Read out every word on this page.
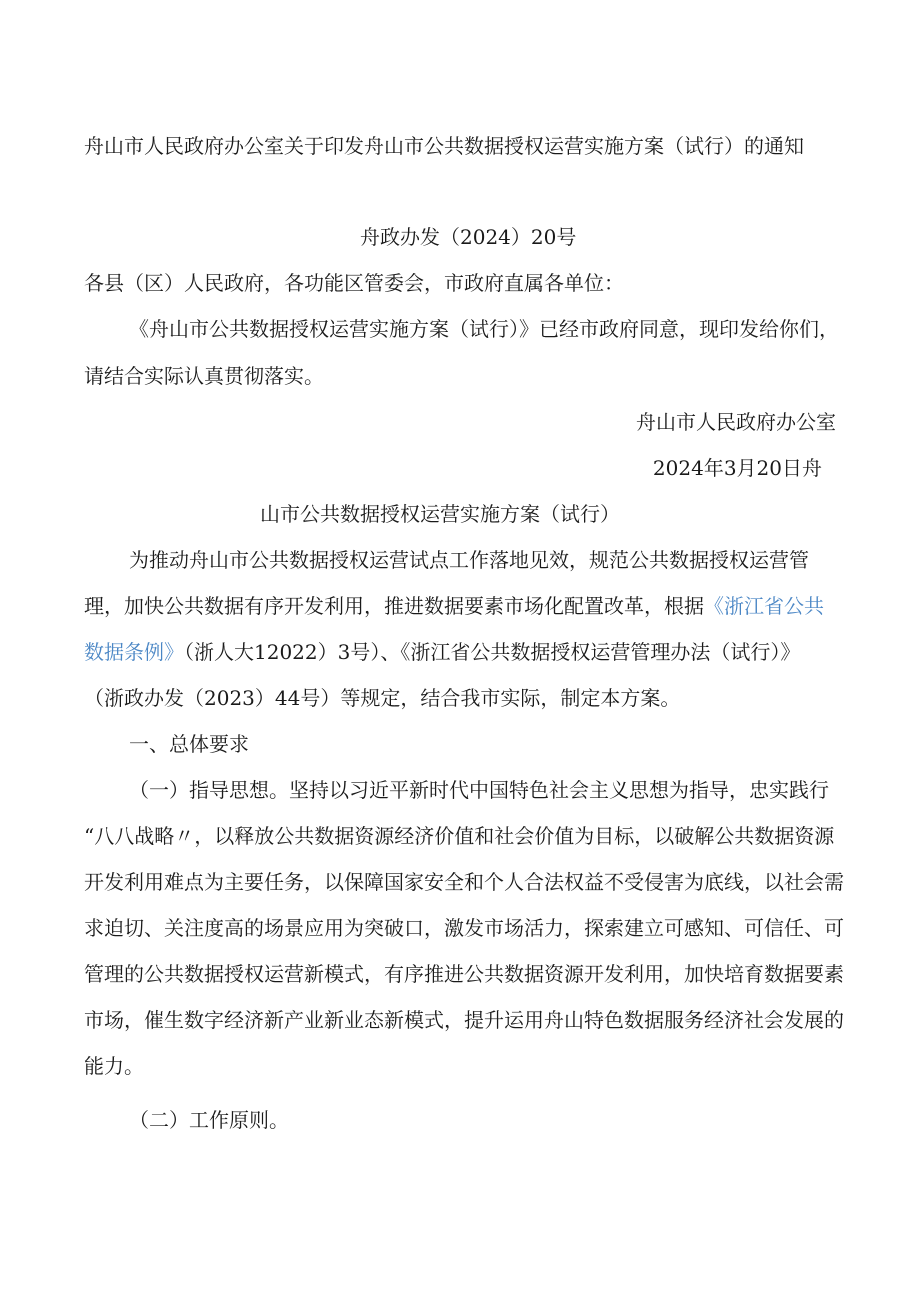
舟山市人民政府办公室关于印发舟山市公共数据授权运营实施方案（试行）的通知
舟政办发（2024）20号
各县（区）人民政府，各功能区管委会，市政府直属各单位：
《舟山市公共数据授权运营实施方案（试行）》已经市政府同意，现印发给你们，
请结合实际认真贯彻落实。
舟山市人民政府办公室
2024年3月20日舟
山市公共数据授权运营实施方案（试行）
为推动舟山市公共数据授权运营试点工作落地见效，规范公共数据授权运营管
理，加快公共数据有序开发利用，推进数据要素市场化配置改革，根据《浙江省公共
数据条例》（浙人大12022）3号）、《浙江省公共数据授权运营管理办法（试行）》
（浙政办发（2023）44号）等规定，结合我市实际，制定本方案。
一、总体要求
（一）指导思想。坚持以习近平新时代中国特色社会主义思想为指导，忠实践行
“八八战略〃，以释放公共数据资源经济价值和社会价值为目标，以破解公共数据资源
开发利用难点为主要任务，以保障国家安全和个人合法权益不受侵害为底线，以社会需
求迫切、关注度高的场景应用为突破口，激发市场活力，探索建立可感知、可信任、可
管理的公共数据授权运营新模式，有序推进公共数据资源开发利用，加快培育数据要素
市场，催生数字经济新产业新业态新模式，提升运用舟山特色数据服务经济社会发展的
能力。
（二）工作原则。
